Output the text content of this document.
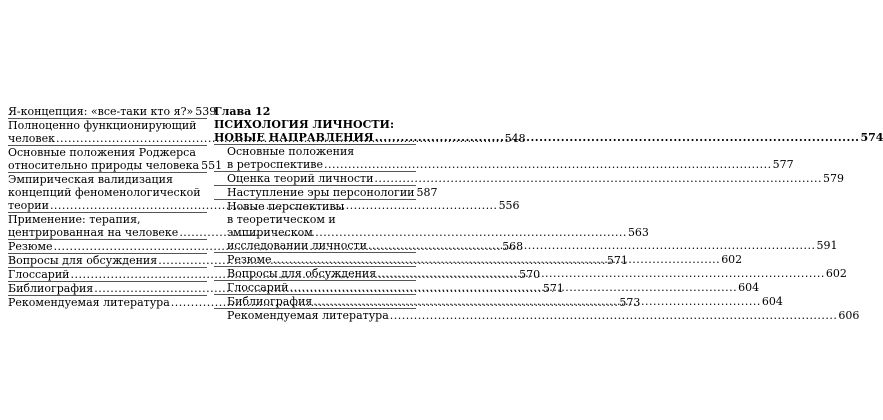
Я-концепция: «все-таки кто я?» 539
Полноценно функционирующий
человек .....	548
Основные положения Роджерса
относительно природы человека 551
Эмпирическая валидизация
концепций феноменологической
теории .....	556
Применение: терапия,
центрированная на человеке .....	563
Резюме .....	568
Вопросы для обсуждения .....	571
Глоссарий .....	570
Библиография .....	571
Рекомендуемая литература .....	573
Глава 12
ПСИХОЛОГИЯ ЛИЧНОСТИ:
НОВЫЕ НАПРАВЛЕНИЯ .....	574
Основные положения
в ретроспективе .....	577
Оценка теорий личности .....	579
Наступление эры персонологии 587
Новые перспективы
в теоретическом и эмпирическом
исследовании личности .....	591
Резюме .....	602
Вопросы для обсуждения .....	602
Глоссарий .....	604
Библиография .....	604
Рекомендуемая литература .....	606
